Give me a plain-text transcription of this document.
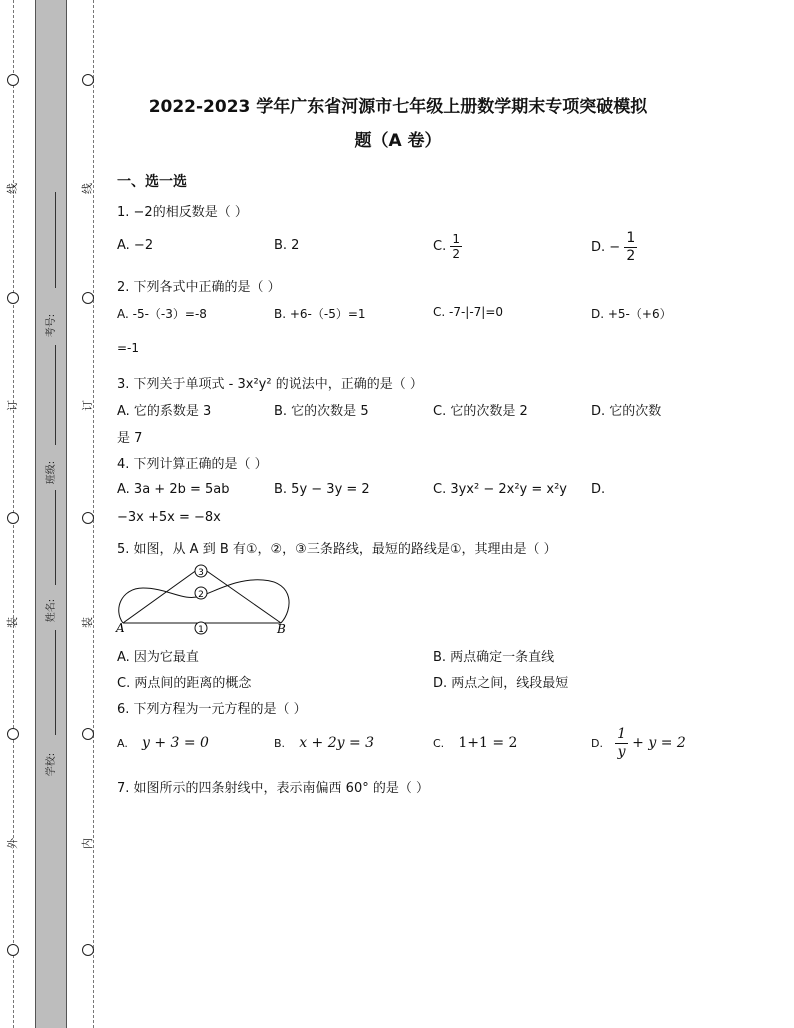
线
订
装
外
线
订
装
内
考号:
班级:
姓名:
学校:
2022-2023 学年广东省河源市七年级上册数学期末专项突破模拟
题（A 卷）
一、选一选
1. −2的相反数是（ ）
A. −2	B. 2	C. $\frac{1}{2}$	D. − $\frac{1}{2}$
2. 下列各式中正确的是（ ）
A. -5-（-3）=-8	B. +6-（-5）=1	C. -7-|-7|=0	D. +5-（+6）
=-1
3. 下列关于单项式 - 3x²y² 的说法中，正确的是（ ）
A. 它的系数是 3	B. 它的次数是 5	C. 它的次数是 2	D. 它的次数
是 7
4. 下列计算正确的是（ ）
A. 3a + 2b = 5ab	B. 5y − 3y = 2	C. 3yx² − 2x²y = x²y D.
−3x +5x = −8x
5. 如图，从 A 到 B 有①，②，③三条路线，最短的路线是①，其理由是（ ）
3
2
1
A	B
A. 因为它最直	B. 两点确定一条直线
C. 两点间的距离的概念	D. 两点之间，线段最短
6. 下列方程为一元方程的是（ ）
A. y + 3 = 0	B. x + 2y = 3	C. 1+1 = 2	D. $\frac{1}{y} + y = 2$
7. 如图所示的四条射线中，表示南偏西 60° 的是（ ）
